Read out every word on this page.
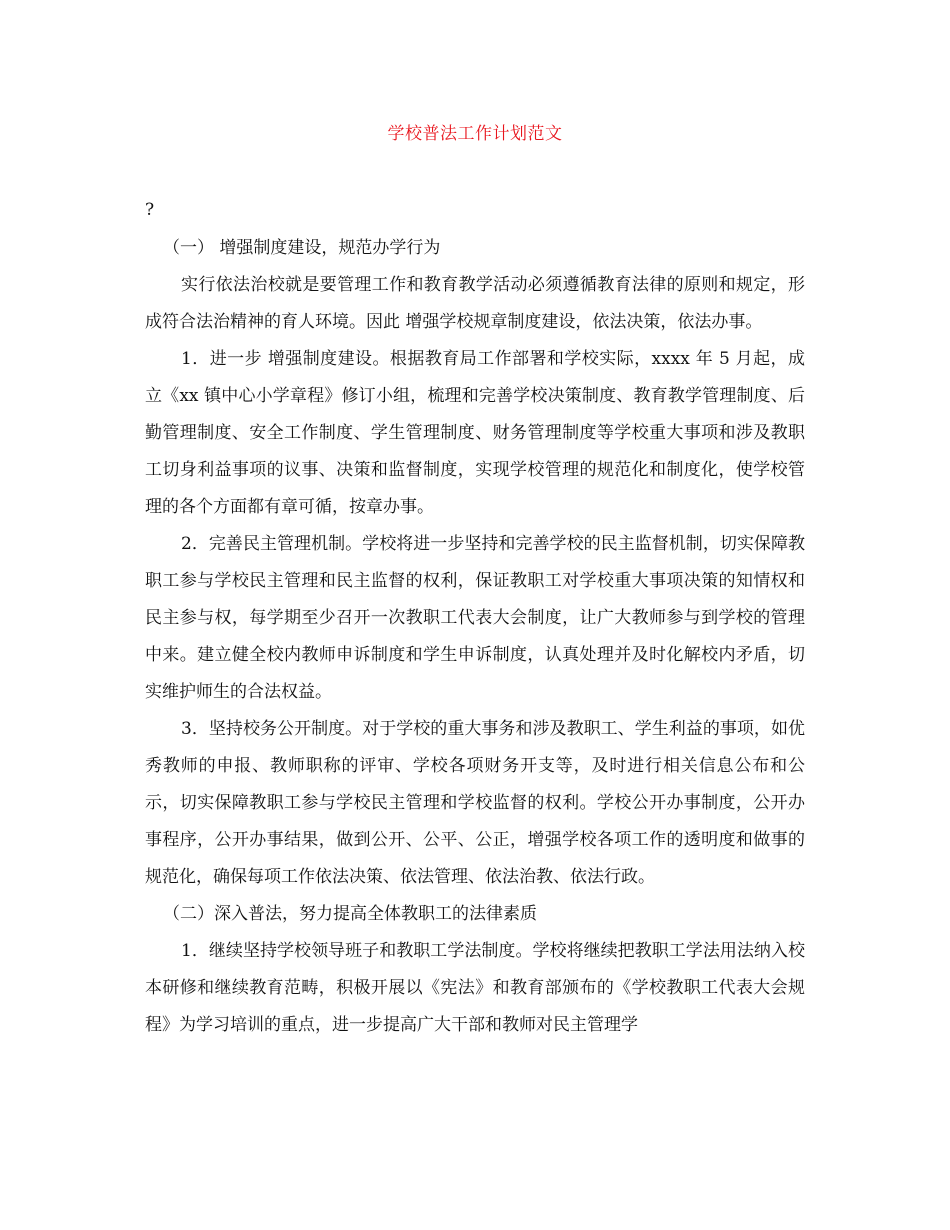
学校普法工作计划范文
?

（一） 增强制度建设，规范办学行为

实行依法治校就是要管理工作和教育教学活动必须遵循教育法律的原则和规定，形成符合法治精神的育人环境。因此 增强学校规章制度建设，依法决策，依法办事。

1．进一步 增强制度建设。根据教育局工作部署和学校实际，xxxx 年 5 月起，成立《xx 镇中心小学章程》修订小组，梳理和完善学校决策制度、教育教学管理制度、后勤管理制度、安全工作制度、学生管理制度、财务管理制度等学校重大事项和涉及教职工切身利益事项的议事、决策和监督制度，实现学校管理的规范化和制度化，使学校管理的各个方面都有章可循，按章办事。

2．完善民主管理机制。学校将进一步坚持和完善学校的民主监督机制，切实保障教职工参与学校民主管理和民主监督的权利，保证教职工对学校重大事项决策的知情权和民主参与权，每学期至少召开一次教职工代表大会制度，让广大教师参与到学校的管理中来。建立健全校内教师申诉制度和学生申诉制度，认真处理并及时化解校内矛盾，切实维护师生的合法权益。

3．坚持校务公开制度。对于学校的重大事务和涉及教职工、学生利益的事项，如优秀教师的申报、教师职称的评审、学校各项财务开支等，及时进行相关信息公布和公示，切实保障教职工参与学校民主管理和学校监督的权利。学校公开办事制度，公开办事程序，公开办事结果，做到公开、公平、公正，增强学校各项工作的透明度和做事的规范化，确保每项工作依法决策、依法管理、依法治教、依法行政。

（二）深入普法，努力提高全体教职工的法律素质

1．继续坚持学校领导班子和教职工学法制度。学校将继续把教职工学法用法纳入校本研修和继续教育范畴，积极开展以《宪法》和教育部颁布的《学校教职工代表大会规程》为学习培训的重点，进一步提高广大干部和教师对民主管理学
